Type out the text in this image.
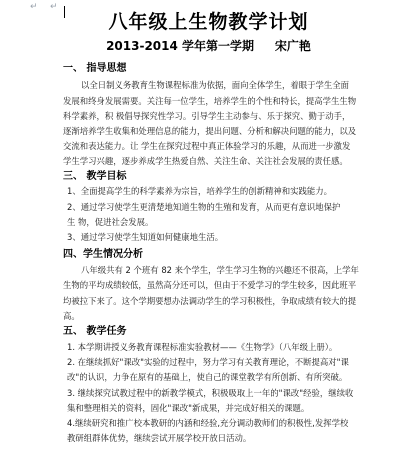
↵ ↵
八年级上生物教学计划

2013-2014 学年第一学期     宋广艳

一、 指导思想

以全日制义务教育生物课程标准为依据，面向全体学生，着眼于学生全面

发展和终身发展需要。关注每一位学生，培养学生的个性和特长，提高学生生物

科学素养，积 极倡导探究性学习。引导学生主动参与、乐于探究、勤于动手，

逐渐培养学生收集和处理信息的能力，提出问题、分析和解决问题的能力，以及

交流和表达能力。让 学生在探究过程中真正体验学习的乐趣，从而进一步激发

学生学习兴趣，逐步养成学生热爱自然、关注生命、关注社会发展的责任感。

三、 教学目标

1、全面提高学生的科学素养为宗旨，培养学生的创新精神和实践能力。

2、通过学习使学生更清楚地知道生物的生殖和发育，从而更有意识地保护

生 物，促进社会发展。

3、通过学习使学生知道如何健康地生活。

四、学生情况分析

八年级共有 2 个班有 82 来个学生，学生学习生物的兴趣还不很高，上学年

生物的平均成绩较低，虽然高分还可以，但由于不爱学习的学生较多，因此班平

均被拉下来了。这个学期要想办法调动学生的学习积极性，争取成绩有较大的提

高。

五、 教学任务

1. 本学期讲授义务教育课程标准实验教材——《生物学》（八年级上册）。

2. 在继续抓好"课改"实验的过程中，努力学习有关教育理论，不断提高对"课

改"的认识，力争在原有的基础上，使自己的课堂教学有所创新、有所突破。

3. 继续探究试教过程中的新教学模式，积极吸取上一年的"课改"经验，继续收

集和整理相关的资料，固化"课改"新成果，并完成好相关的课题。

4.继续研究和推广校本教研的内涵和经验,充分调动教师们的积极性,发挥学校

教研组群体优势，继续尝试开展学校开放日活动。
